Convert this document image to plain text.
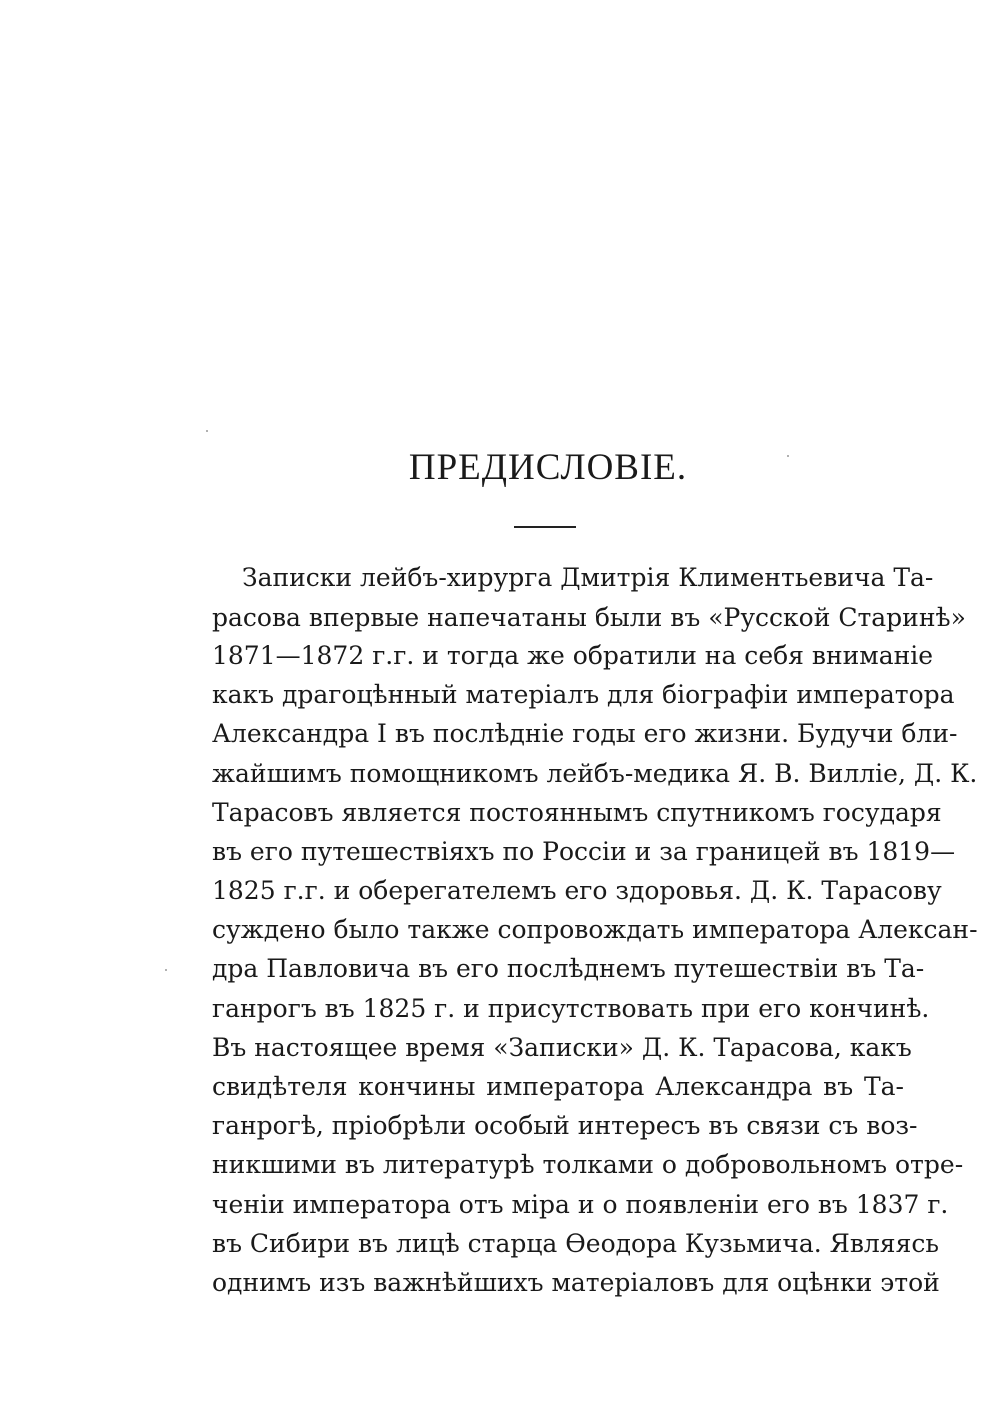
ПРЕДИСЛОВІЕ.
Записки лейбъ-хирурга Дмитрія Климентьевича Та-
расова впервые напечатаны были въ «Русской Старинѣ»
1871—1872 г.г. и тогда же обратили на себя вниманіе
какъ драгоцѣнный матеріалъ для біографіи императора
Александра I въ послѣдніе годы его жизни. Будучи бли-
жайшимъ помощникомъ лейбъ-медика Я. В. Вилліе, Д. К.
Тарасовъ является постояннымъ спутникомъ государя
въ его путешествіяхъ по Россіи и за границей въ 1819—
1825 г.г. и оберегателемъ его здоровья. Д. К. Тарасову
суждено было также сопровождать императора Алексан-
дра Павловича въ его послѣднемъ путешествіи въ Та-
ганрогъ въ 1825 г. и присутствовать при его кончинѣ.
Въ настоящее время «Записки» Д. К. Тарасова, какъ
свидѣтеля кончины императора Александра въ Та-
ганрогѣ, пріобрѣли особый интересъ въ связи съ воз-
никшими въ литературѣ толками о добровольномъ отре-
ченіи императора отъ міра и о появленіи его въ 1837 г.
въ Сибири въ лицѣ старца Ѳеодора Кузьмича. Являясь
однимъ изъ важнѣйшихъ матеріаловъ для оцѣнки этой
